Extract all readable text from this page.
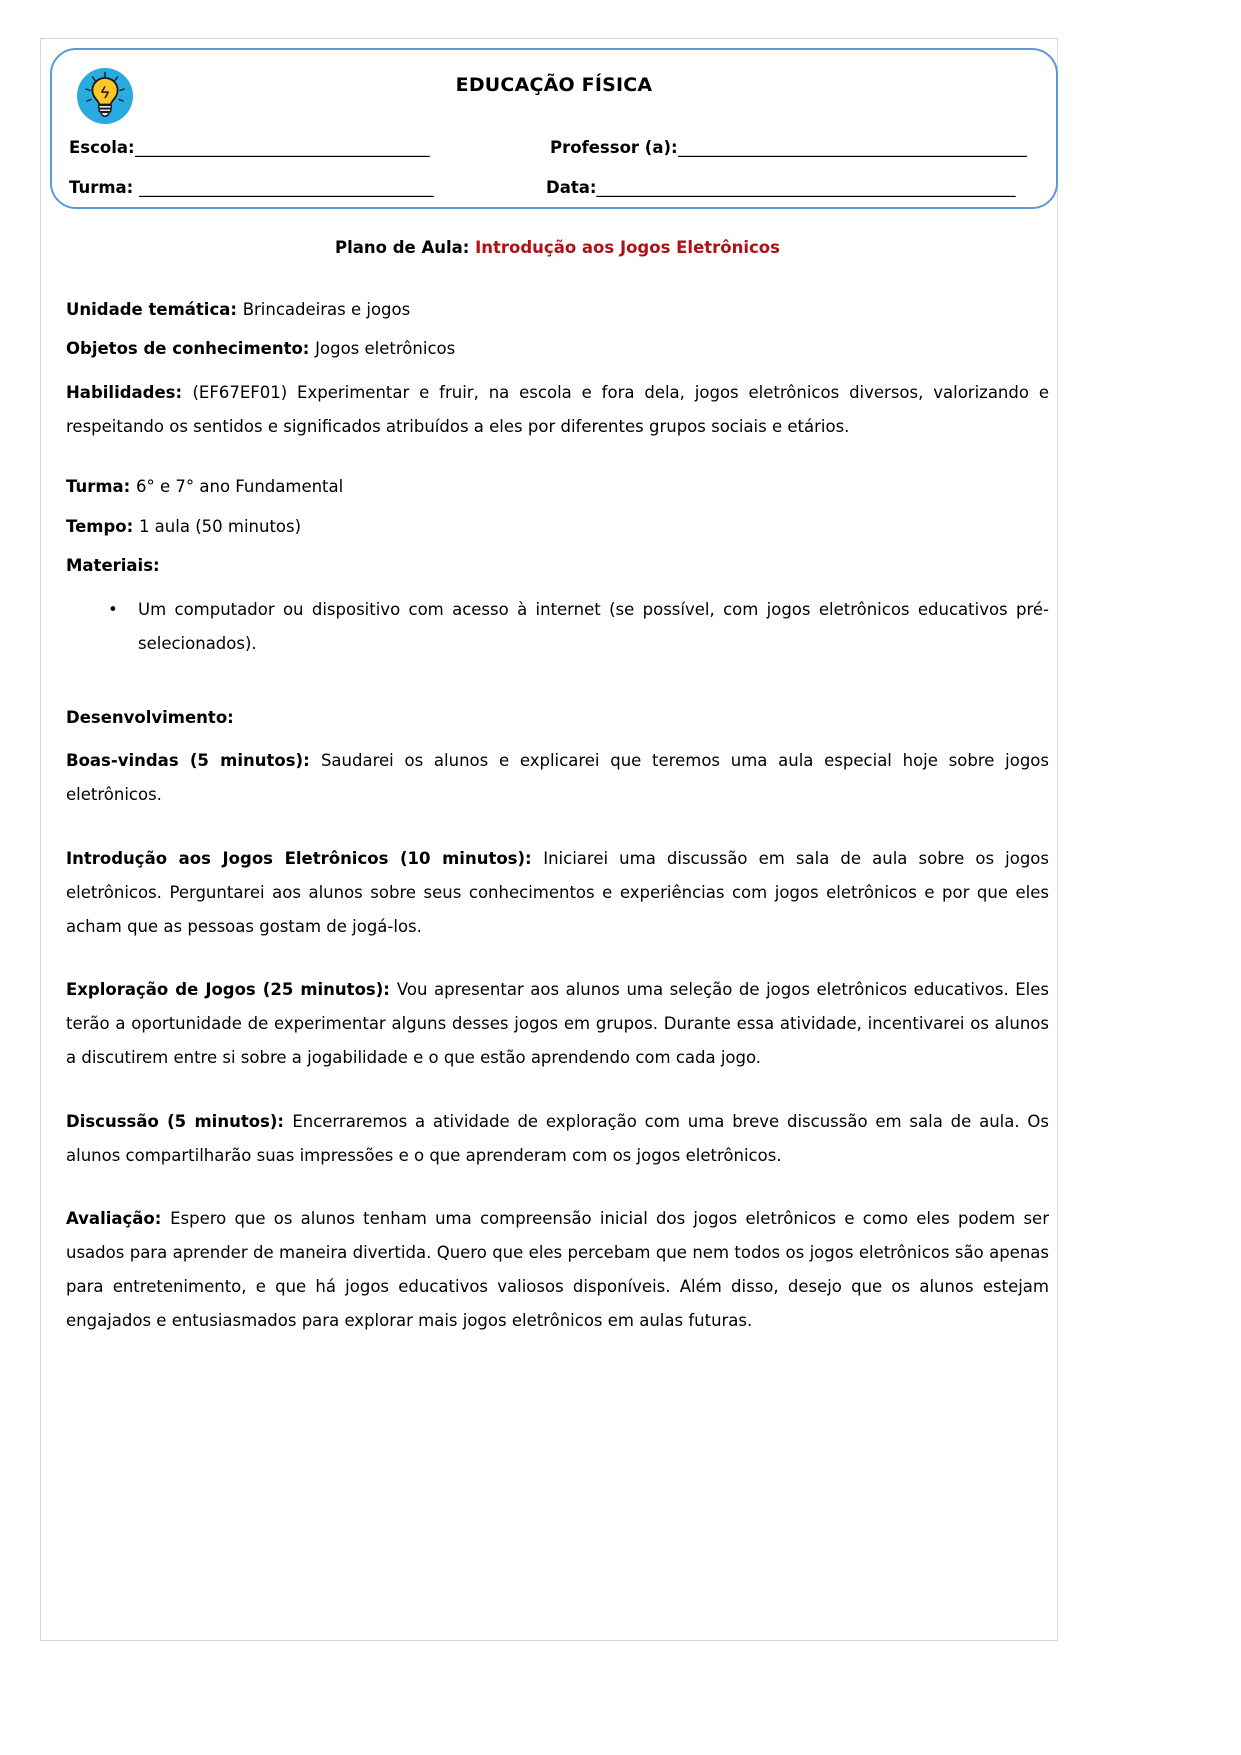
EDUCAÇÃO FÍSICA
Escola: ______________________________________	Professor (a): _____________________________________________
Turma:
______________________________________	Data: ______________________________________________________

Plano de Aula: Introdução aos Jogos Eletrônicos

Unidade temática: Brincadeiras e jogos

Objetos de conhecimento: Jogos eletrônicos

Habilidades: (EF67EF01) Experimentar e fruir, na escola e fora dela, jogos eletrônicos diversos, valorizando e respeitando os sentidos e significados atribuídos a eles por diferentes grupos sociais e etários.

Turma: 6° e 7° ano Fundamental

Tempo: 1 aula (50 minutos)

Materiais:

• Um computador ou dispositivo com acesso à internet (se possível, com jogos eletrônicos educativos pré-selecionados).

Desenvolvimento:

Boas-vindas (5 minutos): Saudarei os alunos e explicarei que teremos uma aula especial hoje sobre jogos eletrônicos.

Introdução aos Jogos Eletrônicos (10 minutos): Iniciarei uma discussão em sala de aula sobre os jogos eletrônicos. Perguntarei aos alunos sobre seus conhecimentos e experiências com jogos eletrônicos e por que eles acham que as pessoas gostam de jogá-los.

Exploração de Jogos (25 minutos): Vou apresentar aos alunos uma seleção de jogos eletrônicos educativos. Eles terão a oportunidade de experimentar alguns desses jogos em grupos. Durante essa atividade, incentivarei os alunos a discutirem entre si sobre a jogabilidade e o que estão aprendendo com cada jogo.

Discussão (5 minutos): Encerraremos a atividade de exploração com uma breve discussão em sala de aula. Os alunos compartilharão suas impressões e o que aprenderam com os jogos eletrônicos.

Avaliação: Espero que os alunos tenham uma compreensão inicial dos jogos eletrônicos e como eles podem ser usados para aprender de maneira divertida. Quero que eles percebam que nem todos os jogos eletrônicos são apenas para entretenimento, e que há jogos educativos valiosos disponíveis. Além disso, desejo que os alunos estejam engajados e entusiasmados para explorar mais jogos eletrônicos em aulas futuras.
